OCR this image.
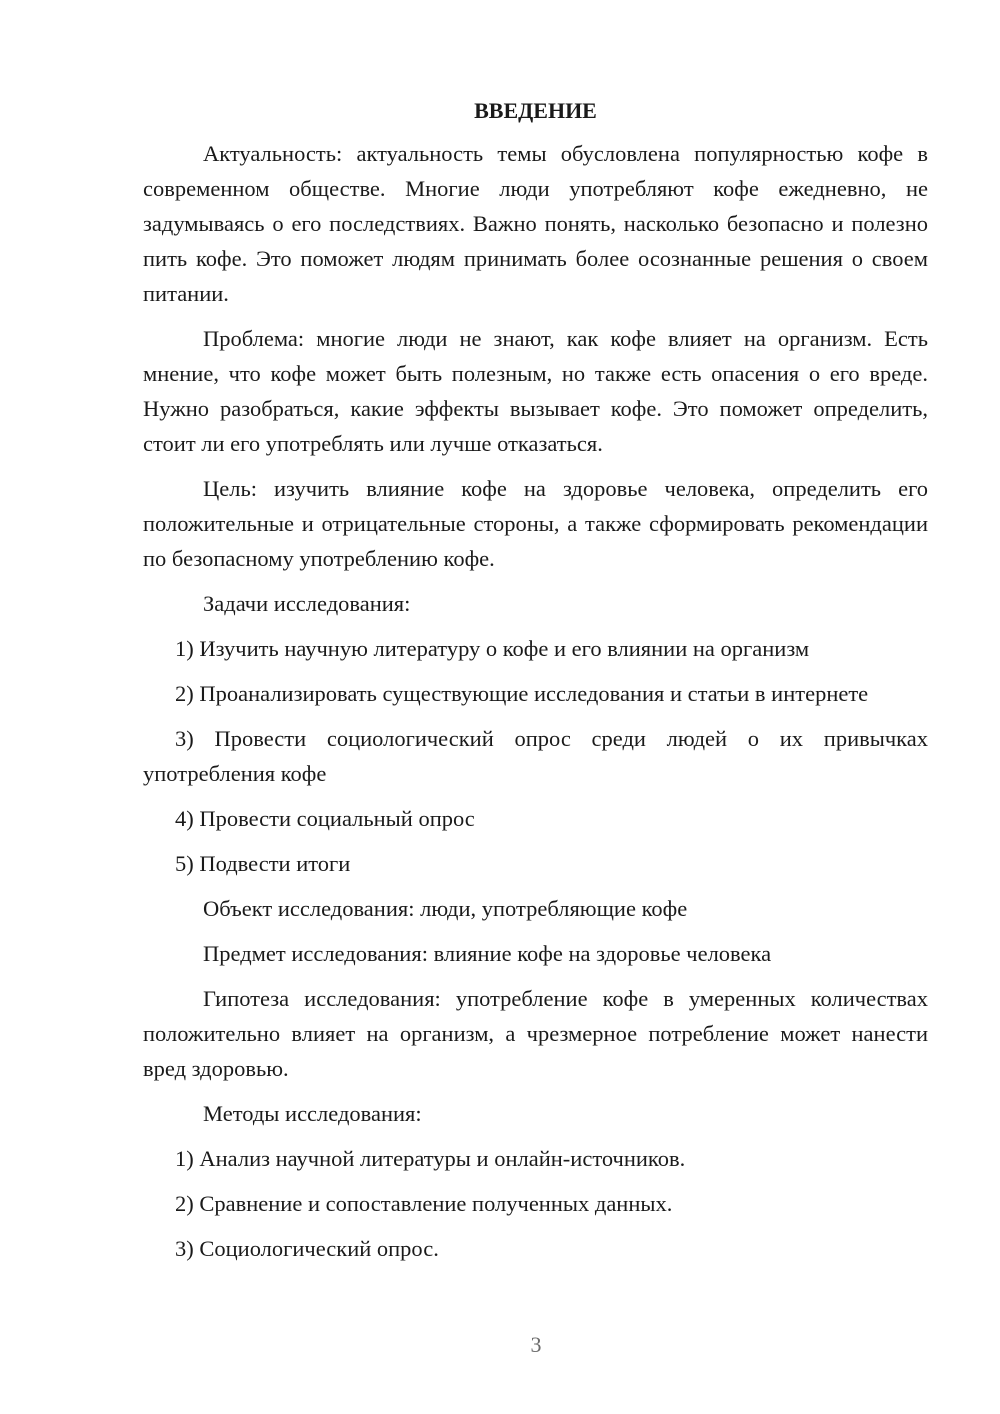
ВВЕДЕНИЕ

Актуальность: актуальность темы обусловлена популярностью кофе в современном обществе. Многие люди употребляют кофе ежедневно, не задумываясь о его последствиях. Важно понять, насколько безопасно и полезно пить кофе. Это поможет людям принимать более осознанные решения о своем питании.

Проблема: многие люди не знают, как кофе влияет на организм. Есть мнение, что кофе может быть полезным, но также есть опасения о его вреде. Нужно разобраться, какие эффекты вызывает кофе. Это поможет определить, стоит ли его употреблять или лучше отказаться.

Цель: изучить влияние кофе на здоровье человека, определить его положительные и отрицательные стороны, а также сформировать рекомендации по безопасному употреблению кофе.

Задачи исследования:
1) Изучить научную литературу о кофе и его влиянии на организм

2) Проанализировать существующие исследования и статьи в интернете

3) Провести социологический опрос среди людей о их привычках употребления кофе

4) Провести социальный опрос
5) Подвести итоги
Объект исследования: люди, употребляющие кофе
Предмет исследования: влияние кофе на здоровье человека

Гипотеза исследования: употребление кофе в умеренных количествах положительно влияет на организм, а чрезмерное потребление может нанести вред здоровью.

Методы исследования:
1) Анализ научной литературы и онлайн-источников.
2) Сравнение и сопоставление полученных данных.
3) Социологический опрос.
3
